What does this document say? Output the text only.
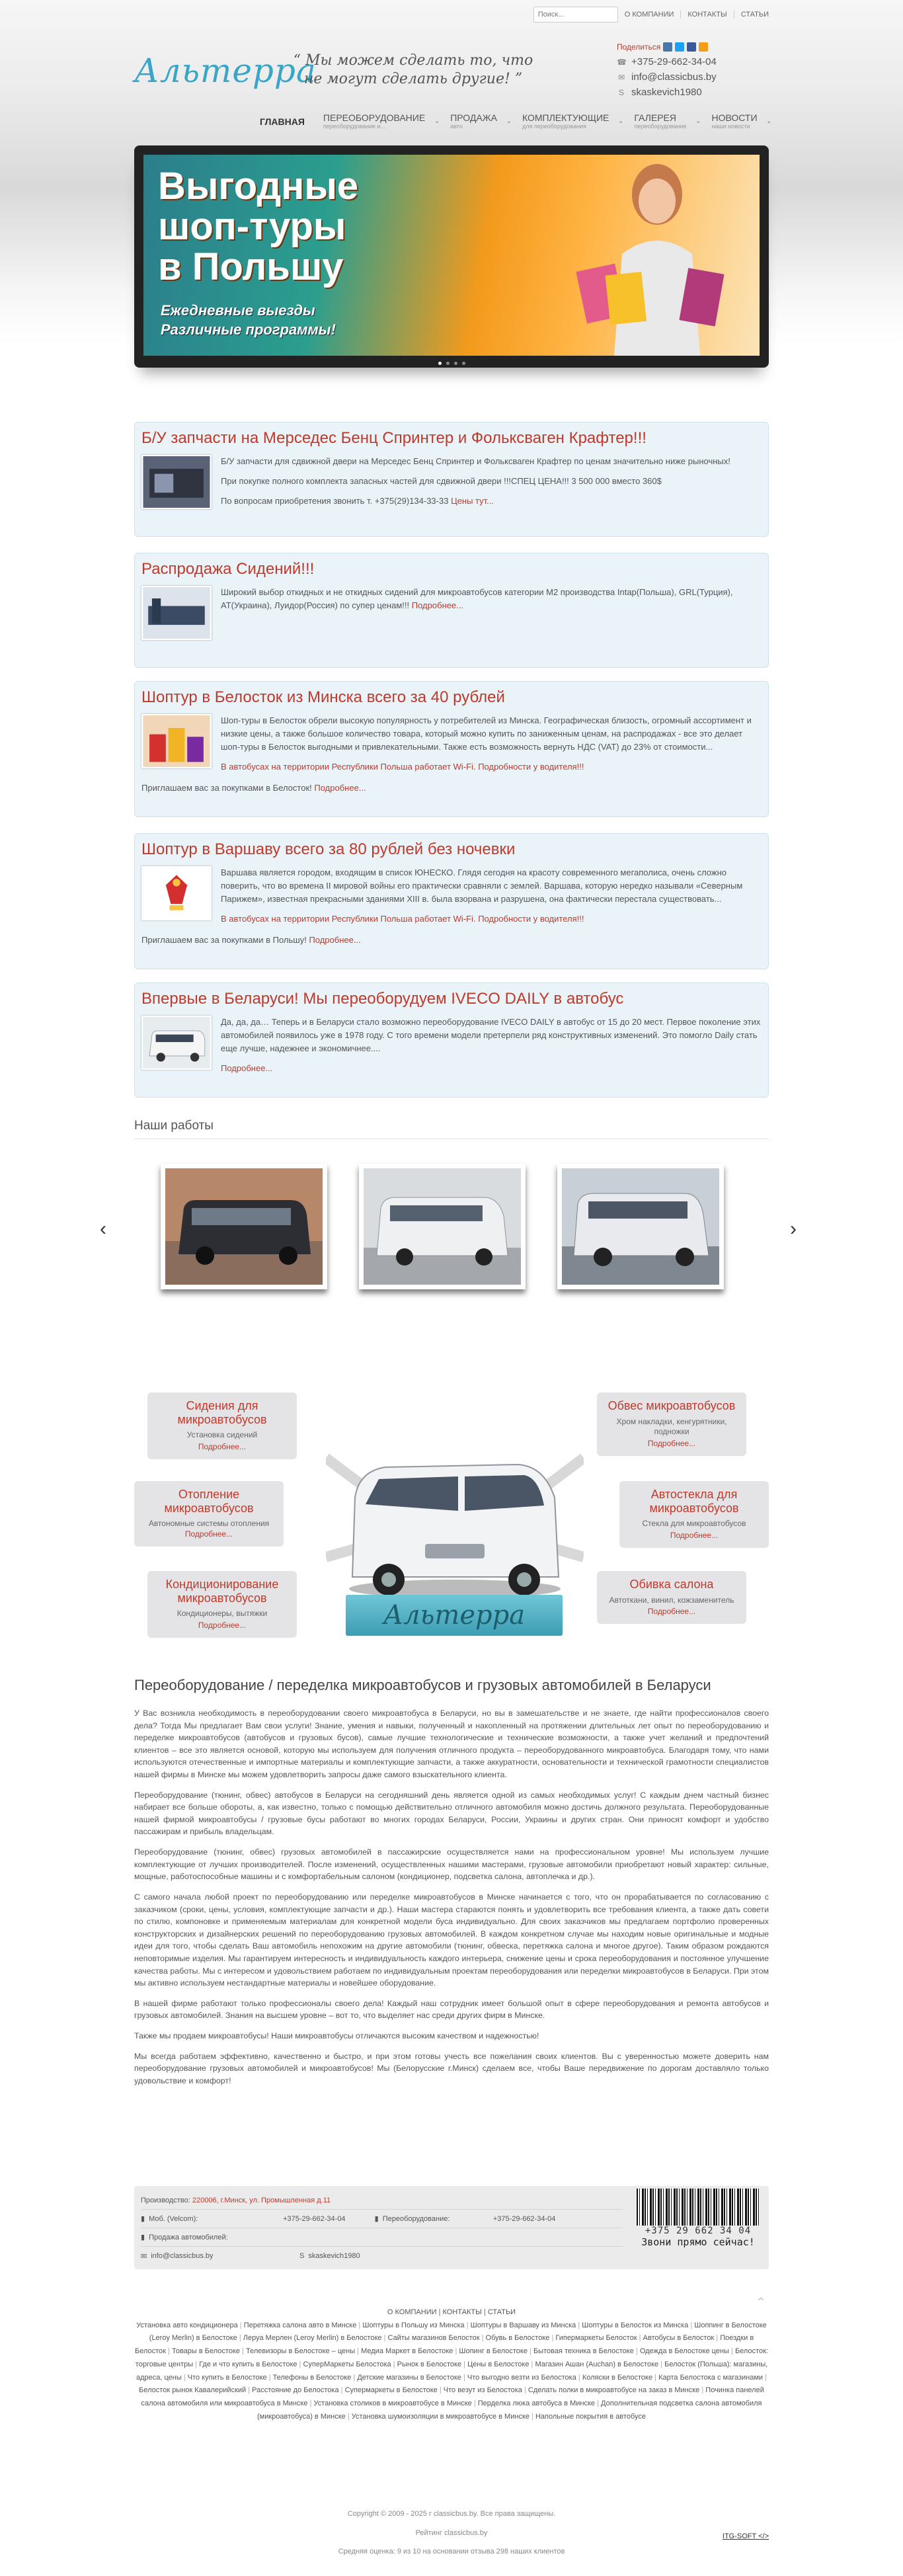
Поиск...
О КОМПАНИИ КОНТАКТЫ СТАТЬИ
Альтерра
“ Мы можем сделать то, что не могут сделать другие! ”
Поделиться
☎ +375-29-662-34-04
✉ info@classicbus.by
S skaskevich1980
ГЛАВНАЯ ПЕРЕОБОРУДОВАНИЕ
переоборудование и...
⌄ ПРОДАЖА
авто
⌄ КОМПЛЕКТУЮЩИЕ
для переоборудования
⌄ ГАЛЕРЕЯ
переоборудование
⌄ НОВОСТИ
наши новости
⌄
Выгодные
шоп-туры
в Польшу
Ежедневные выезды
Различные программы!
Б/У запчасти на Мерседес Бенц Спринтер и Фольксваген Крафтер!!!

Б/У запчасти для сдвижной двери на Мерседес Бенц Спринтер и Фольксваген Крафтер по ценам значительно ниже рыночных!

При покупке полного комплекта запасных частей для сдвижной двери !!!СПЕЦ ЦЕНА!!! 3 500 000 вместо 360$

По вопросам приобретения звонить т. +375(29)134-33-33 Цены тут...

Распродажа Сидений!!!

Широкий выбор откидных и не откидных сидений для микроавтобусов категории М2 производства Intap(Польша), GRL(Турция), AT(Украина), Луидор(Россия) по супер ценам!!! Подробнее...

Шоптур в Белосток из Минска всего за 40 рублей

Шоп-туры в Белосток обрели высокую популярность у потребителей из Минска. Географическая близость, огромный ассортимент и низкие цены, а также большое количество товара, который можно купить по заниженным ценам, на распродажах - все это делает шоп-туры в Белосток выгодными и привлекательными. Также есть возможность вернуть НДС (VAT) до 23% от стоимости...

В автобусах на территории Республики Польша работает Wi-Fi. Подробности у водителя!!!

Приглашаем вас за покупками в Белосток! Подробнее...
Шоптур в Варшаву всего за 80 рублей без ночевки

Варшава является городом, входящим в список ЮНЕСКО. Глядя сегодня на красоту современного мегаполиса, очень сложно поверить, что во времена II мировой войны его практически сравняли с землей. Варшава, которую нередко называли «Северным Парижем», известная прекрасными зданиями XIII в. была взорвана и разрушена, она фактически перестала существовать...

В автобусах на территории Республики Польша работает Wi-Fi. Подробности у водителя!!!

Приглашаем вас за покупками в Польшу! Подробнее...
Впервые в Беларуси! Мы переоборудуем IVECO DAILY в автобус

Да, да, да… Теперь и в Беларуси стало возможно переоборудование IVECO DAILY в автобус от 15 до 20 мест. Первое поколение этих автомобилей появилось уже в 1978 году. С того времени модели претерпели ряд конструктивных изменений. Это помогло Daily стать еще лучше, надежнее и экономичнее....

Подробнее...

Наши работы
‹	›
Сидения для микроавтобусов
Установка сидений
Подробнее...
Обвес микроавтобусов
Хром накладки, кенгурятники, подножки
Подробнее...
Отопление микроавтобусов
Автономные системы отопления Подробнее...
Автостекла для микроавтобусов
Стекла для микроавтобусов
Подробнее...
Кондиционирование микроавтобусов
Кондиционеры, вытяжки
Подробнее...
Обивка салона
Автоткани, винил, кожзаменитель
Подробнее...
Альтерра
Переоборудование / переделка микроавтобусов и грузовых автомобилей в Беларуси

У Вас возникла необходимость в переоборудовании своего микроавтобуса в Беларуси, но вы в замешательстве и не знаете, где найти профессионалов своего дела? Тогда Мы предлагает Вам свои услуги! Знание, умения и навыки, полученный и накопленный на протяжении длительных лет опыт по переоборудованию и переделке микроавтобусов (автобусов и грузовых бусов), самые лучшие технологические и технические возможности, а также учет желаний и предпочтений клиентов – все это является основой, которую мы используем для получения отличного продукта – переоборудованного микроавтобуса. Благодаря тому, что нами используются отечественные и импортные материалы и комплектующие запчасти, а также аккуратности, основательности и технической грамотности специалистов нашей фирмы в Минске мы можем удовлетворить запросы даже самого взыскательного клиента.

Переоборудование (тюнинг, обвес) автобусов в Беларуси на сегодняшний день является одной из самых необходимых услуг! С каждым днем частный бизнес набирает все больше обороты, а, как известно, только с помощью действительно отличного автомобиля можно достичь должного результата. Переоборудованные нашей фирмой микроавтобусы / грузовые бусы работают во многих городах Беларуси, России, Украины и других стран. Они приносят комфорт и удобство пассажирам и прибыль владельцам.

Переоборудование (тюнинг, обвес) грузовых автомобилей в пассажирские осуществляется нами на профессиональном уровне! Мы используем лучшие комплектующие от лучших производителей. После изменений, осуществленных нашими мастерами, грузовые автомобили приобретают новый характер: сильные, мощные, работоспособные машины и с комфортабельным салоном (кондиционер, подсветка салона, автоплечка и др.).

С самого начала любой проект по переоборудованию или переделке микроавтобусов в Минске начинается с того, что он прорабатывается по согласованию с заказчиком (сроки, цены, условия, комплектующие запчасти и др.). Наши мастера стараются понять и удовлетворить все требования клиента, а также дать совети по стилю, компоновке и применяемым материалам для конкретной модели буса индивидуально. Для своих заказчиков мы предлагаем портфолио проверенных конструкторских и дизайнерских решений по переоборудованию грузовых автомобилей. В каждом конкретном случае мы находим новые оригинальные и модные идеи для того, чтобы сделать Ваш автомобиль непохожим на другие автомобили (тюнинг, обвеска, перетяжка салона и многое другое). Таким образом рождаются неповторимые изделия. Мы гарантируем интересность и индивидуальность каждого интерьера, снижение цены и срока переоборудования и постоянное улучшение качества работы. Мы с интересом и удовольствием работаем по индивидуальным проектам переоборудования или переделки микроавтобусов в Беларуси. При этом мы активно используем нестандартные материалы и новейшее оборудование.

В нашей фирме работают только профессионалы своего дела! Каждый наш сотрудник имеет большой опыт в сфере переоборудования и ремонта автобусов и грузовых автомобилей. Знания на высшем уровне – вот то, что выделяет нас среди других фирм в Минске.

Также мы продаем микроавтобусы! Наши микроавтобусы отличаются высоким качеством и надежностью!

Мы всегда работаем эффективно, качественно и быстро, и при этом готовы учесть все пожелания своих клиентов. Вы с уверенностью можете доверить нам переоборудование грузовых автомобилей и микроавтобусов! Мы (Белорусские г.Минск) сделаем все, чтобы Ваше передвижение по дорогам доставляло только удовольствие и комфорт!

Производство:
220006, г.Минск, ул. Промышленная д.11
▮ Моб. (Velcom):	+375-29-662-34-04	▮ Переоборудование:	+375-29-662-34-04
▮ Продажа автомобилей:
✉ info@classicbus.by	S skaskevich1980
+375 29 662 34 04
Звони прямо сейчас!
⌃
О КОМПАНИИ | КОНТАКТЫ | СТАТЬИ
Установка авто кондиционера | Перетяжка салона авто в Минске | Шоптуры в Польшу из Минска | Шоптуры в Варшаву из Минска | Шоптуры в Белосток из Минска | Шоппинг в Белостоке (Leroy Merlin) в Белостоке | Леруа Мерлен (Leroy Merlin) в Белостоке | Сайты магазинов Белосток | Обувь в Белостоке | Гипермаркеты Белосток | Автобусы в Белосток | Поездки в Белосток | Товары в Белостоке | Телевизоры в Белостоке – цены | Медиа Маркет в Белостоке | Шопинг в Белостоке | Бытовая техника в Белостоке | Одежда в Белостоке цены | Белосток: торговые центры | Где и что купить в Белостоке | СуперМаркеты Белостока | Рынок в Белостоке | Цены в Белостоке | Магазин Ашан (Auchan) в Белостоке | Белосток (Польша): магазины, адреса, цены | Что купить в Белостоке | Телефоны в Белостоке | Детские магазины в Белостоке | Что выгодно везти из Белостока | Коляски в Белостоке | Карта Белостока с магазинами | Белосток рынок Кавалерийский | Расстояние до Белостока | Супермаркеты в Белостоке | Что везут из Белостока | Сделать полки в микроавтобусе на заказ в Минске | Починка панелей салона автомобиля или микроавтобуса в Минске | Установка столиков в микроавтобусе в Минске | Перделка люка автобуса в Минске | Дополнительная подсветка салона автомобиля (микроавтобуса) в Минске | Установка шумоизоляции в микроавтобусе в Минске | Напольные покрытия в автобусе
Copyright © 2009 - 2025 г classicbus.by. Все права защищены.
Рейтинг classicbus.by
Средняя оценка: 9 из 10 на основании отзыва 298 наших клиентов
ITG-SOFT </>
